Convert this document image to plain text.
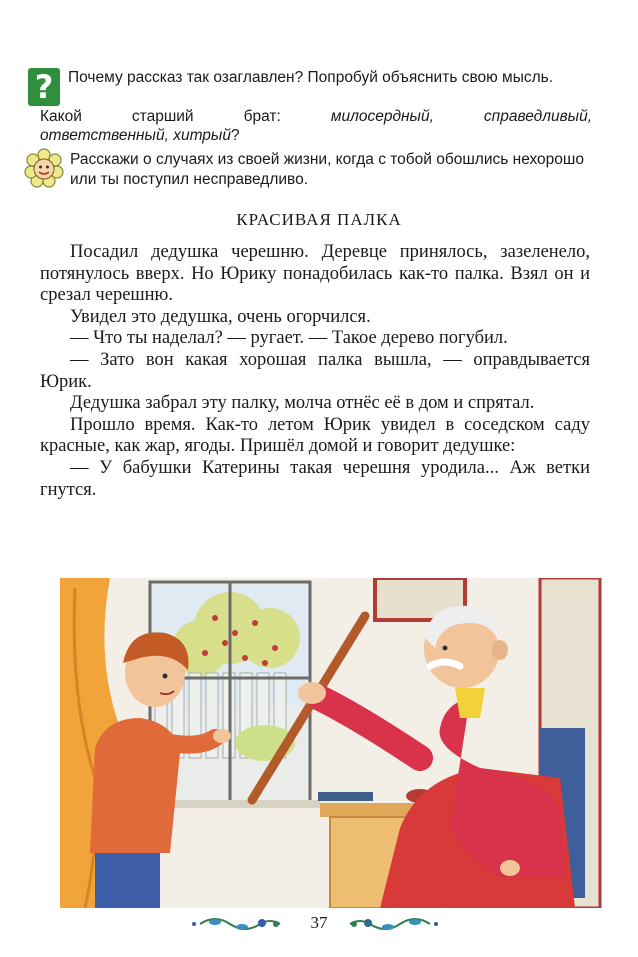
? Почему рассказ так озаглавлен? Попробуй объяснить свою мысль.
Какой старший брат: милосердный, справедливый,
ответственный, хитрый?
Расскажи о случаях из своей жизни, когда с тобой обошлись нехорошо или ты поступил несправедливо.
КРАСИВАЯ ПАЛКА

Посадил дедушка черешню. Деревце принялось, зазеленело, потянулось вверх. Но Юрику понадобилась как-то палка. Взял он и срезал черешню.

Увидел это дедушка, очень огорчился.

— Что ты наделал? — ругает. — Такое дерево погубил.

— Зато вон какая хорошая палка вышла, — оправдывается Юрик.

Дедушка забрал эту палку, молча отнёс её в дом и спрятал.

Прошло время. Как-то летом Юрик увидел в соседском саду красные, как жар, ягоды. Пришёл домой и говорит дедушке:

— У бабушки Катерины такая черешня уродила... Аж ветки гнутся.

37
